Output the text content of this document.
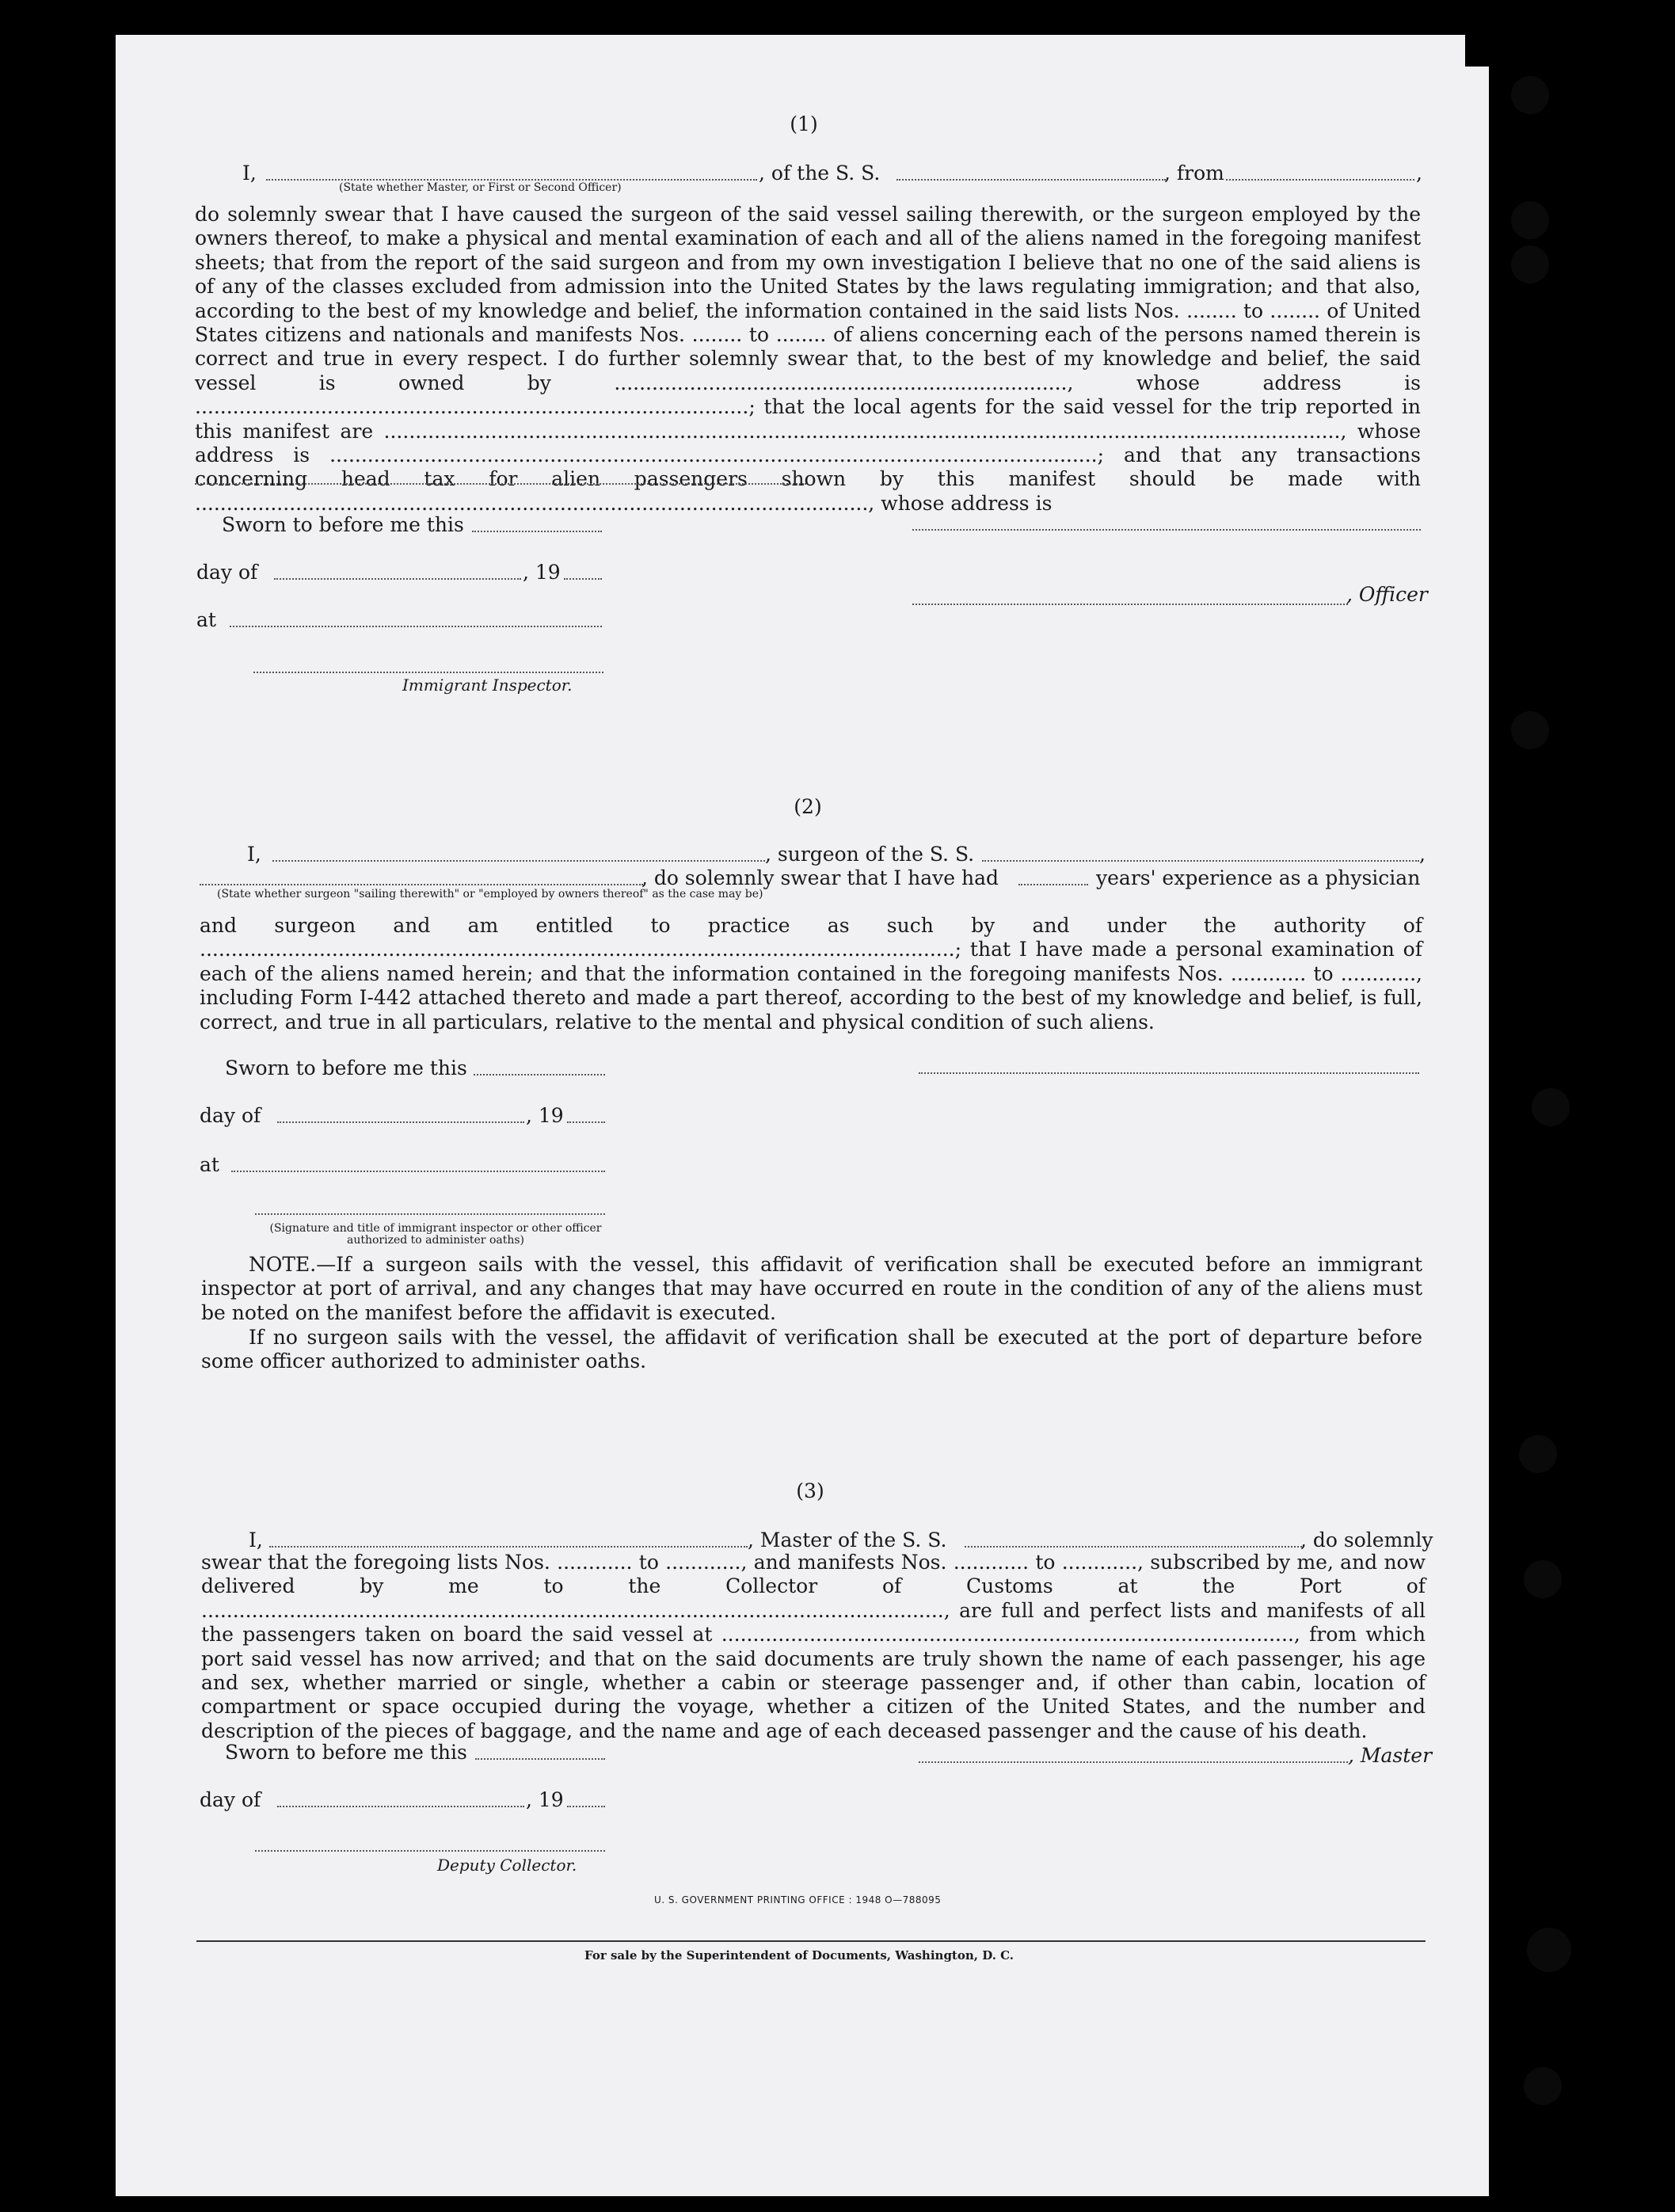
(1)
I,
(State whether Master, or First or Second Officer)
, of the S. S.	, from	,
do solemnly swear that I have caused the surgeon of the said vessel sailing therewith, or the surgeon employed by the owners thereof, to make a physical and mental examination of each and all of the aliens named in the foregoing manifest sheets; that from the report of the said surgeon and from my own investigation I believe that no one of the said aliens is of any of the classes excluded from admission into the United States by the laws regulating immigration; and that also, according to the best of my knowledge and belief, the information contained in the said lists Nos. ........ to ........ of United States citizens and nationals and manifests Nos. ........ to ........ of aliens concerning each of the persons named therein is correct and true in every respect. I do further solemnly swear that, to the best of my knowledge and belief, the said vessel is owned by ........................................................................, whose address is ........................................................................................; that the local agents for the said vessel for the trip reported in this manifest are ........................................................................................................................................................, whose address is ..........................................................................................................................; and that any transactions concerning head tax for alien passengers shown by this manifest should be made with ..........................................................................................................., whose address is
Sworn to before me this
day of	, 19
, Officer
at
Immigrant Inspector.
(2)
I,	, surgeon of the S. S.	,
, do solemnly swear that I have had	years' experience as a physician
(State whether surgeon "sailing therewith" or "employed by owners thereof" as the case may be)
and surgeon and am entitled to practice as such by and under the authority of ........................................................................................................................; that I have made a personal examination of each of the aliens named herein; and that the information contained in the foregoing manifests Nos. ............ to ............, including Form I-442 attached thereto and made a part thereof, according to the best of my knowledge and belief, is full, correct, and true in all particulars, relative to the mental and physical condition of such aliens.
Sworn to before me this
day of	, 19
at
(Signature and title of immigrant inspector or other officer authorized to administer oaths)
NOTE.—If a surgeon sails with the vessel, this affidavit of verification shall be executed before an immigrant inspector at port of arrival, and any changes that may have occurred en route in the condition of any of the aliens must be noted on the manifest before the affidavit is executed.
If no surgeon sails with the vessel, the affidavit of verification shall be executed at the port of departure before some officer authorized to administer oaths.
(3)
I,	, Master of the S. S.	, do solemnly
swear that the foregoing lists Nos. ............ to ............, and manifests Nos. ............ to ............, subscribed by me, and now delivered by me to the Collector of Customs at the Port of ......................................................................................................................, are full and perfect lists and manifests of all the passengers taken on board the said vessel at ..........................................................................................., from which port said vessel has now arrived; and that on the said documents are truly shown the name of each passenger, his age and sex, whether married or single, whether a cabin or steerage passenger and, if other than cabin, location of compartment or space occupied during the voyage, whether a citizen of the United States, and the number and description of the pieces of baggage, and the name and age of each deceased passenger and the cause of his death.
Sworn to before me this	, Master
day of	, 19
Deputy Collector.
U. S. GOVERNMENT PRINTING OFFICE : 1948 O—788095
For sale by the Superintendent of Documents, Washington, D. C.
